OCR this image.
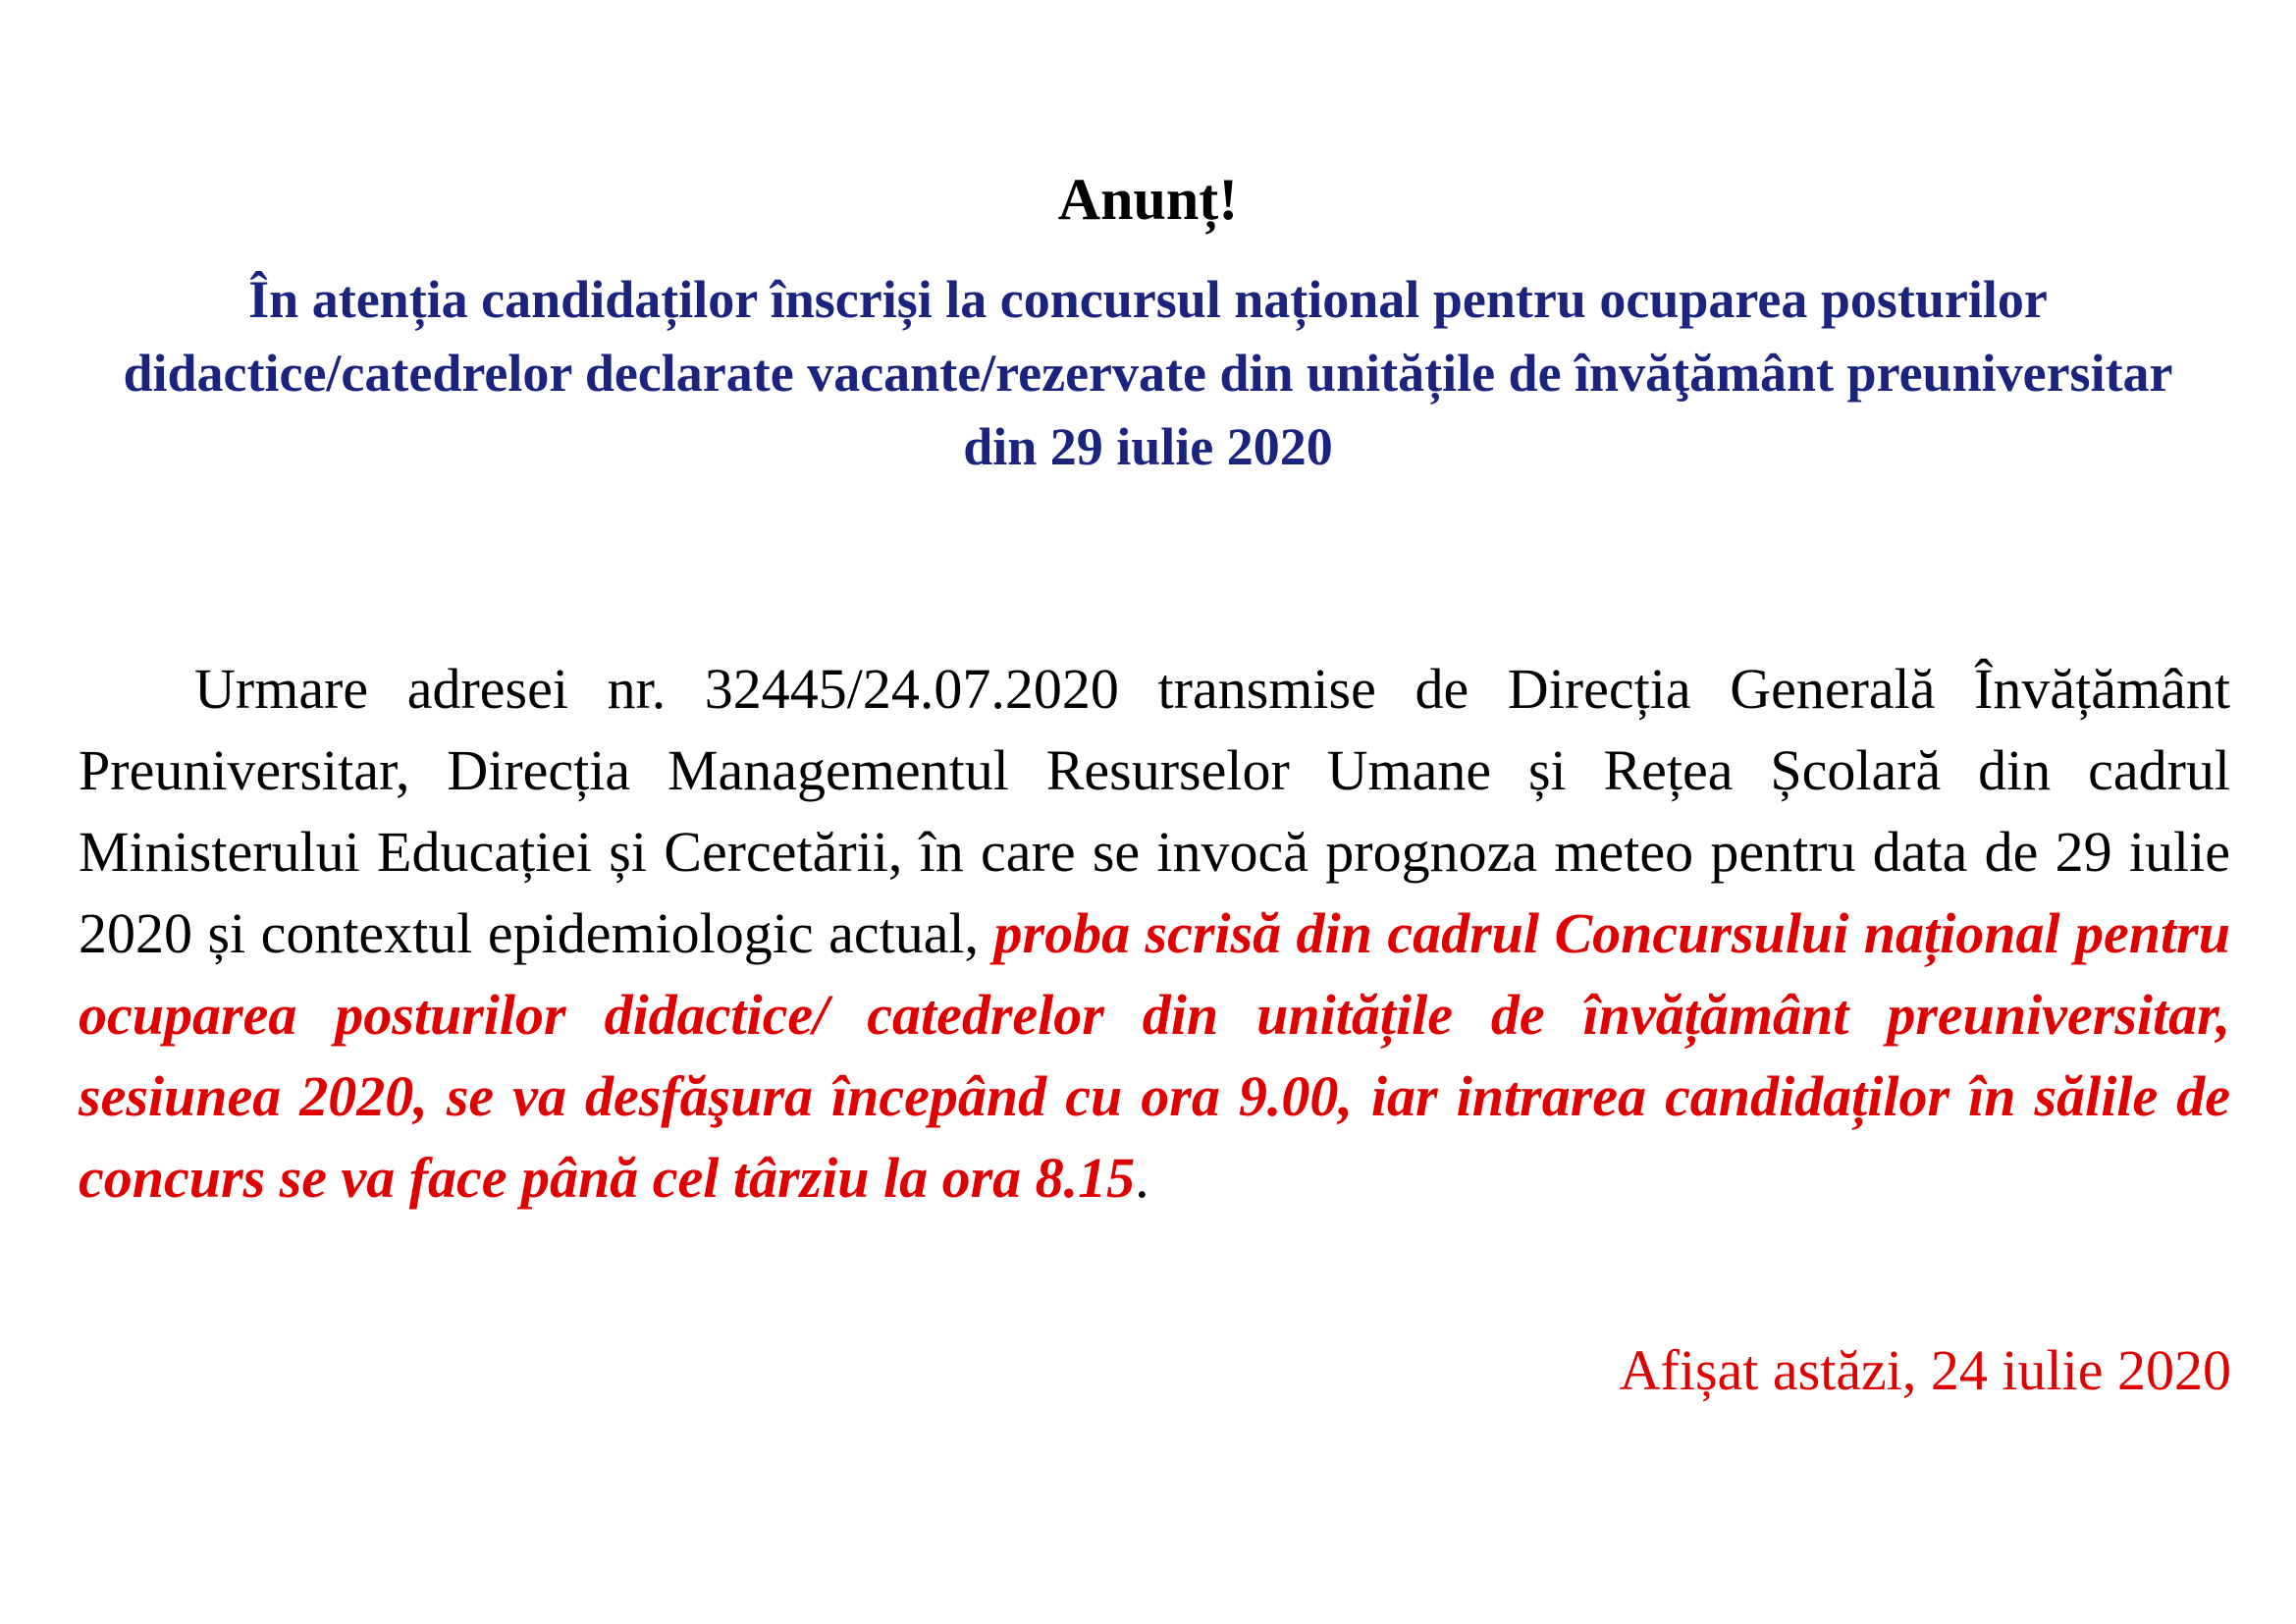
Anunț!
În atenția candidaților înscriși la concursul național pentru ocuparea posturilor didactice/catedrelor declarate vacante/rezervate din unitățile de învăţământ preuniversitar din 29 iulie 2020
Urmare adresei nr. 32445/24.07.2020 transmise de Direcția Generală Învățământ Preuniversitar, Direcția Managementul Resurselor Umane și Rețea Școlară din cadrul Ministerului Educației și Cercetării, în care se invocă prognoza meteo pentru data de 29 iulie 2020 și contextul epidemiologic actual, proba scrisă din cadrul Concursului național pentru ocuparea posturilor didactice/ catedrelor din unitățile de învățământ preuniversitar, sesiunea 2020, se va desfăşura începând cu ora 9.00, iar intrarea candidaților în sălile de concurs se va face până cel târziu la ora 8.15.
Afișat astăzi, 24 iulie 2020
